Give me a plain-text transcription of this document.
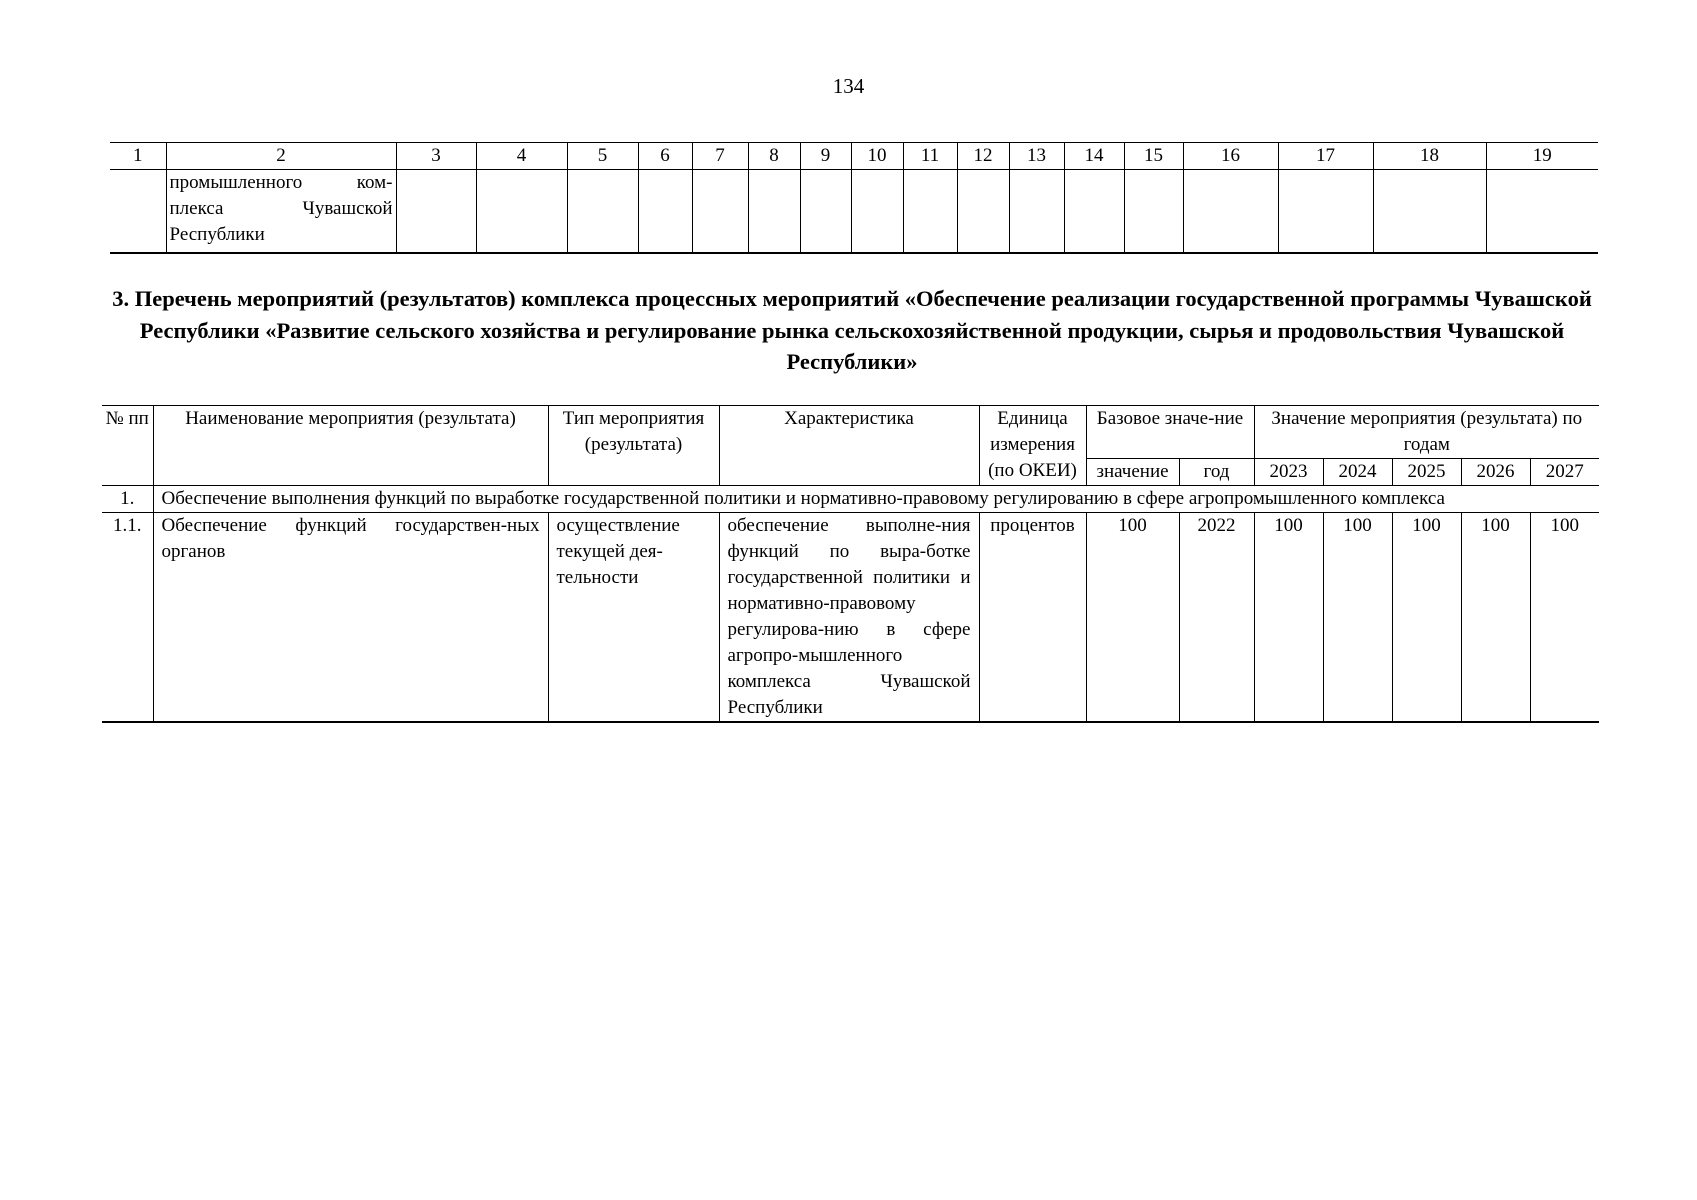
134
1	2	3	4	5	6	7	8	9	10	11	12	13	14	15	16	17	18	19

	промышленного ком-
плекса Чувашской
Республики																	

3. Перечень мероприятий (результатов) комплекса процессных мероприятий «Обеспечение реализации государственной программы Чувашской Республики «Развитие сельского хозяйства и регулирование рынка сельскохозяйственной продукции, сырья и продовольствия Чувашской Республики»
№ пп	Наименование мероприятия (результата)	Тип мероприятия (результата)	Характеристика	Единица измерения (по ОКЕИ)	Базовое значе-ние		Значение мероприятия (результата) по годам				
					значение	год	2023	2024	2025	2026	2027
1.	Обеспечение выполнения функций по выработке государственной политики и нормативно-правовому регулированию в сфере агропромышленного комплекса										
1.1.	Обеспечение функций государствен-ных органов	осуществление текущей дея-тельности	обеспечение выполне-ния функций по выра-ботке государственной политики и нормативно-правовому регулирова-нию в сфере агропро-мышленного комплекса Чувашской Республики	процентов	100	2022	100	100	100	100	100
